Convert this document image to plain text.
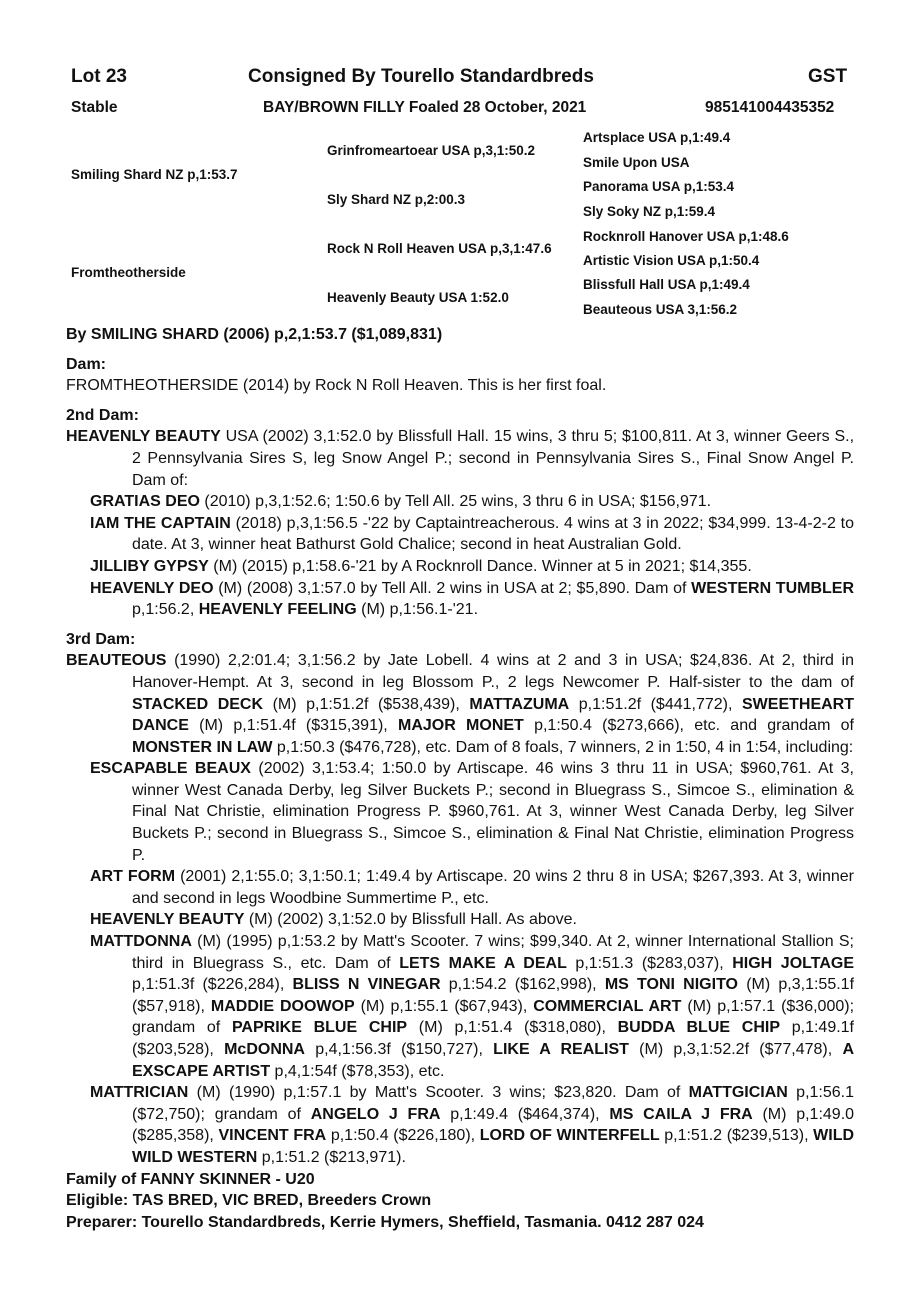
Lot 23	Consigned By Tourello Standardbreds	GST
Stable	BAY/BROWN FILLY Foaled 28 October, 2021	985141004435352
Smiling Shard NZ p,1:53.7
Fromtheotherside
Grinfromeartoear USA p,3,1:50.2
Sly Shard NZ p,2:00.3
Rock N Roll Heaven USA p,3,1:47.6
Heavenly Beauty USA 1:52.0
Artsplace USA p,1:49.4
Smile Upon USA
Panorama USA p,1:53.4
Sly Soky NZ p,1:59.4
Rocknroll Hanover USA p,1:48.6
Artistic Vision USA p,1:50.4
Blissfull Hall USA p,1:49.4
Beauteous USA 3,1:56.2

By SMILING SHARD (2006) p,2,1:53.7 ($1,089,831)

Dam:

FROMTHEOTHERSIDE (2014) by Rock N Roll Heaven. This is her first foal.

2nd Dam:

HEAVENLY BEAUTY USA (2002) 3,1:52.0 by Blissfull Hall. 15 wins, 3 thru 5; $100,811. At 3, winner Geers S., 2 Pennsylvania Sires S, leg Snow Angel P.; second in Pennsylvania Sires S., Final Snow Angel P. Dam of:

GRATIAS DEO (2010) p,3,1:52.6; 1:50.6 by Tell All. 25 wins, 3 thru 6 in USA; $156,971.

IAM THE CAPTAIN (2018) p,3,1:56.5 -'22 by Captaintreacherous. 4 wins at 3 in 2022; $34,999. 13-4-2-2 to date. At 3, winner heat Bathurst Gold Chalice; second in heat Australian Gold.

JILLIBY GYPSY (M) (2015) p,1:58.6-'21 by A Rocknroll Dance. Winner at 5 in 2021; $14,355.

HEAVENLY DEO (M) (2008) 3,1:57.0 by Tell All. 2 wins in USA at 2; $5,890. Dam of WESTERN TUMBLER p,1:56.2, HEAVENLY FEELING (M) p,1:56.1-'21.

3rd Dam:

BEAUTEOUS (1990) 2,2:01.4; 3,1:56.2 by Jate Lobell. 4 wins at 2 and 3 in USA; $24,836. At 2, third in Hanover-Hempt. At 3, second in leg Blossom P., 2 legs Newcomer P. Half-sister to the dam of STACKED DECK (M) p,1:51.2f ($538,439), MATTAZUMA p,1:51.2f ($441,772), SWEETHEART DANCE (M) p,1:51.4f ($315,391), MAJOR MONET p,1:50.4 ($273,666), etc. and grandam of MONSTER IN LAW p,1:50.3 ($476,728), etc. Dam of 8 foals, 7 winners, 2 in 1:50, 4 in 1:54, including:

ESCAPABLE BEAUX (2002) 3,1:53.4; 1:50.0 by Artiscape. 46 wins 3 thru 11 in USA; $960,761. At 3, winner West Canada Derby, leg Silver Buckets P.; second in Bluegrass S., Simcoe S., elimination & Final Nat Christie, elimination Progress P. $960,761. At 3, winner West Canada Derby, leg Silver Buckets P.; second in Bluegrass S., Simcoe S., elimination & Final Nat Christie, elimination Progress P.

ART FORM (2001) 2,1:55.0; 3,1:50.1; 1:49.4 by Artiscape. 20 wins 2 thru 8 in USA; $267,393. At 3, winner and second in legs Woodbine Summertime P., etc.

HEAVENLY BEAUTY (M) (2002) 3,1:52.0 by Blissfull Hall. As above.

MATTDONNA (M) (1995) p,1:53.2 by Matt's Scooter. 7 wins; $99,340. At 2, winner International Stallion S; third in Bluegrass S., etc. Dam of LETS MAKE A DEAL p,1:51.3 ($283,037), HIGH JOLTAGE p,1:51.3f ($226,284), BLISS N VINEGAR p,1:54.2 ($162,998), MS TONI NIGITO (M) p,3,1:55.1f ($57,918), MADDIE DOOWOP (M) p,1:55.1 ($67,943), COMMERCIAL ART (M) p,1:57.1 ($36,000); grandam of PAPRIKE BLUE CHIP (M) p,1:51.4 ($318,080), BUDDA BLUE CHIP p,1:49.1f ($203,528), McDONNA p,4,1:56.3f ($150,727), LIKE A REALIST (M) p,3,1:52.2f ($77,478), A EXSCAPE ARTIST p,4,1:54f ($78,353), etc.

MATTRICIAN (M) (1990) p,1:57.1 by Matt's Scooter. 3 wins; $23,820. Dam of MATTGICIAN p,1:56.1 ($72,750); grandam of ANGELO J FRA p,1:49.4 ($464,374), MS CAILA J FRA (M) p,1:49.0 ($285,358), VINCENT FRA p,1:50.4 ($226,180), LORD OF WINTERFELL p,1:51.2 ($239,513), WILD WILD WESTERN p,1:51.2 ($213,971).

Family of FANNY SKINNER - U20

Eligible: TAS BRED, VIC BRED, Breeders Crown

Preparer: Tourello Standardbreds, Kerrie Hymers, Sheffield, Tasmania. 0412 287 024
